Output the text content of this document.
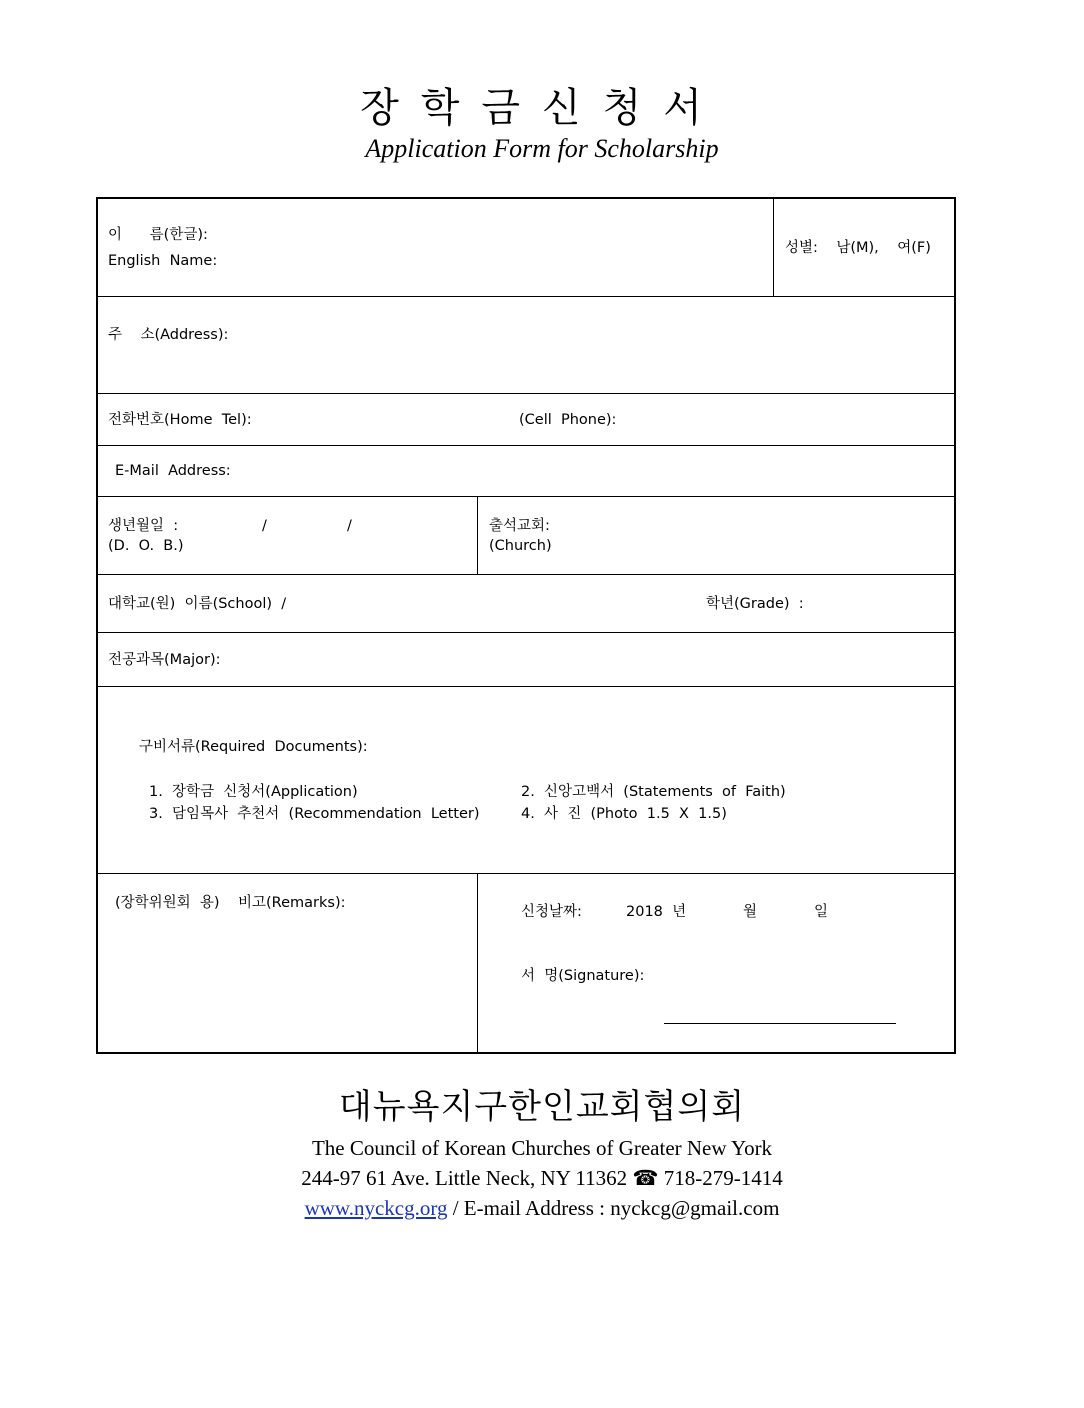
장학금신청서
Application Form for Scholarship
이      름(한글):
English  Name:
성별:    남(M),    여(F)
주    소(Address):
전화번호(Home  Tel):	(Cell  Phone):
E-Mail  Address:
생년월일  :	/	/
(D.  O.  B.)
출석교회:
(Church)
대학교(원)  이름(School)  /	학년(Grade)  :
전공과목(Major):
구비서류(Required  Documents):
1.  장학금  신청서(Application)	2.  신앙고백서  (Statements  of  Faith)
3.  담임목사  추천서  (Recommendation  Letter)	4.  사  진  (Photo  1.5  X  1.5)
(장학위원회  용)    비고(Remarks):
신청날짜:	2018  년	월	일
서  명(Signature):
대뉴욕지구한인교회협의회
The Council of Korean Churches of Greater New York
244-97 61 Ave. Little Neck, NY 11362 ☎ 718-279-1414
www.nyckcg.org / E-mail Address : nyckcg@gmail.com
